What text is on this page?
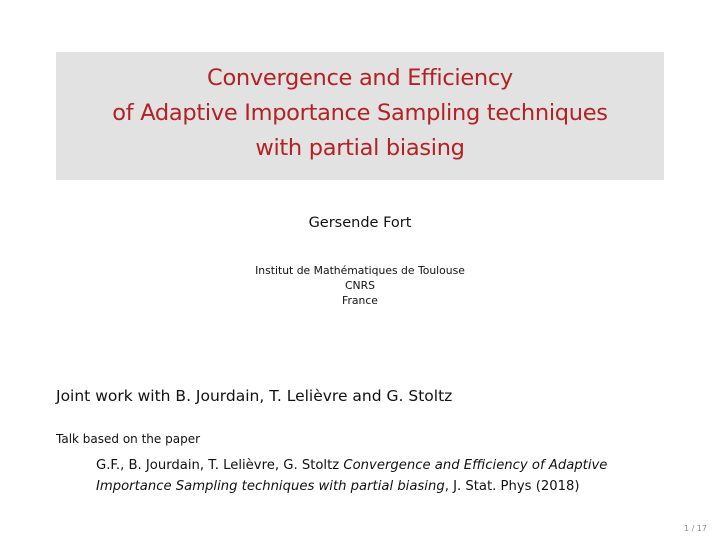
Convergence and Efficiency
of Adaptive Importance Sampling techniques
with partial biasing
Gersende Fort
Institut de Mathématiques de Toulouse
CNRS
France
Joint work with B. Jourdain, T. Lelièvre and G. Stoltz
Talk based on the paper
G.F., B. Jourdain, T. Lelièvre, G. Stoltz Convergence and Efficiency of Adaptive Importance Sampling techniques with partial biasing, J. Stat. Phys (2018)
1 / 17
